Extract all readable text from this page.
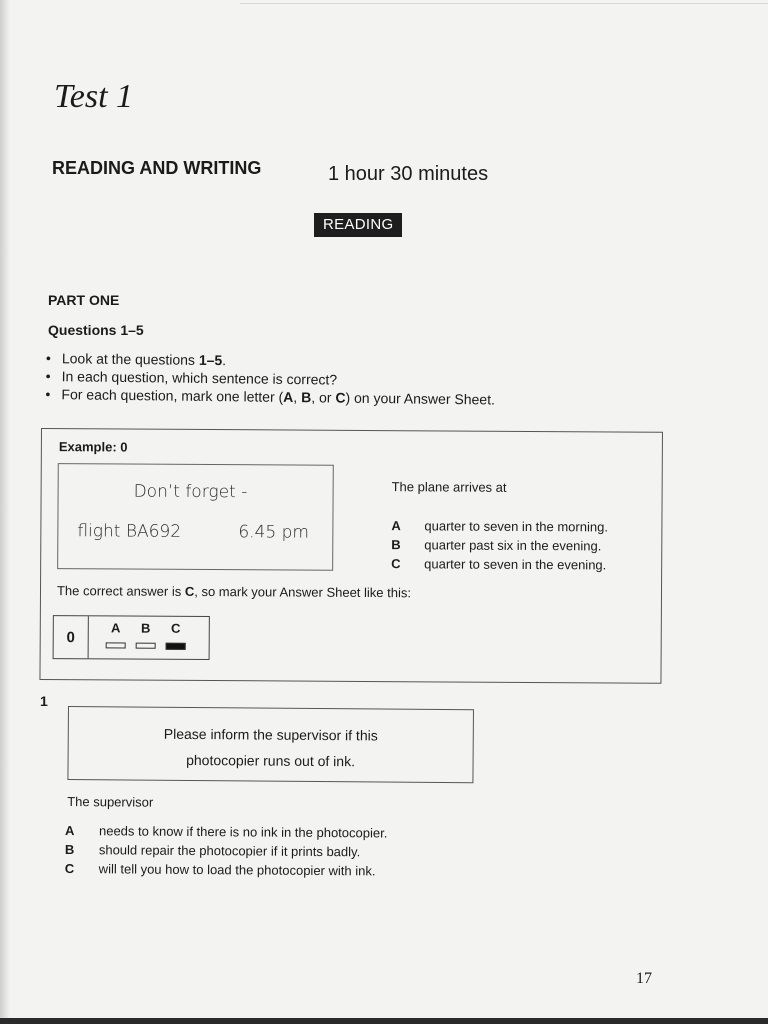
Test 1
READING AND WRITING	1 hour 30 minutes
READING
PART ONE
Questions 1–5
• Look at the questions 1–5.
• In each question, which sentence is correct?
• For each question, mark one letter (A, B, or C) on your Answer Sheet.
Example: 0
Don’t forget -
flight BA692	6.45 pm
The plane arrives at
A quarter to seven in the morning.
B quarter past six in the evening.
C quarter to seven in the evening.
The correct answer is C, so mark your Answer Sheet like this:
0
A	B	C
1
Please inform the supervisor if this
photocopier runs out of ink.
The supervisor
A needs to know if there is no ink in the photocopier.
B should repair the photocopier if it prints badly.
C will tell you how to load the photocopier with ink.
17
